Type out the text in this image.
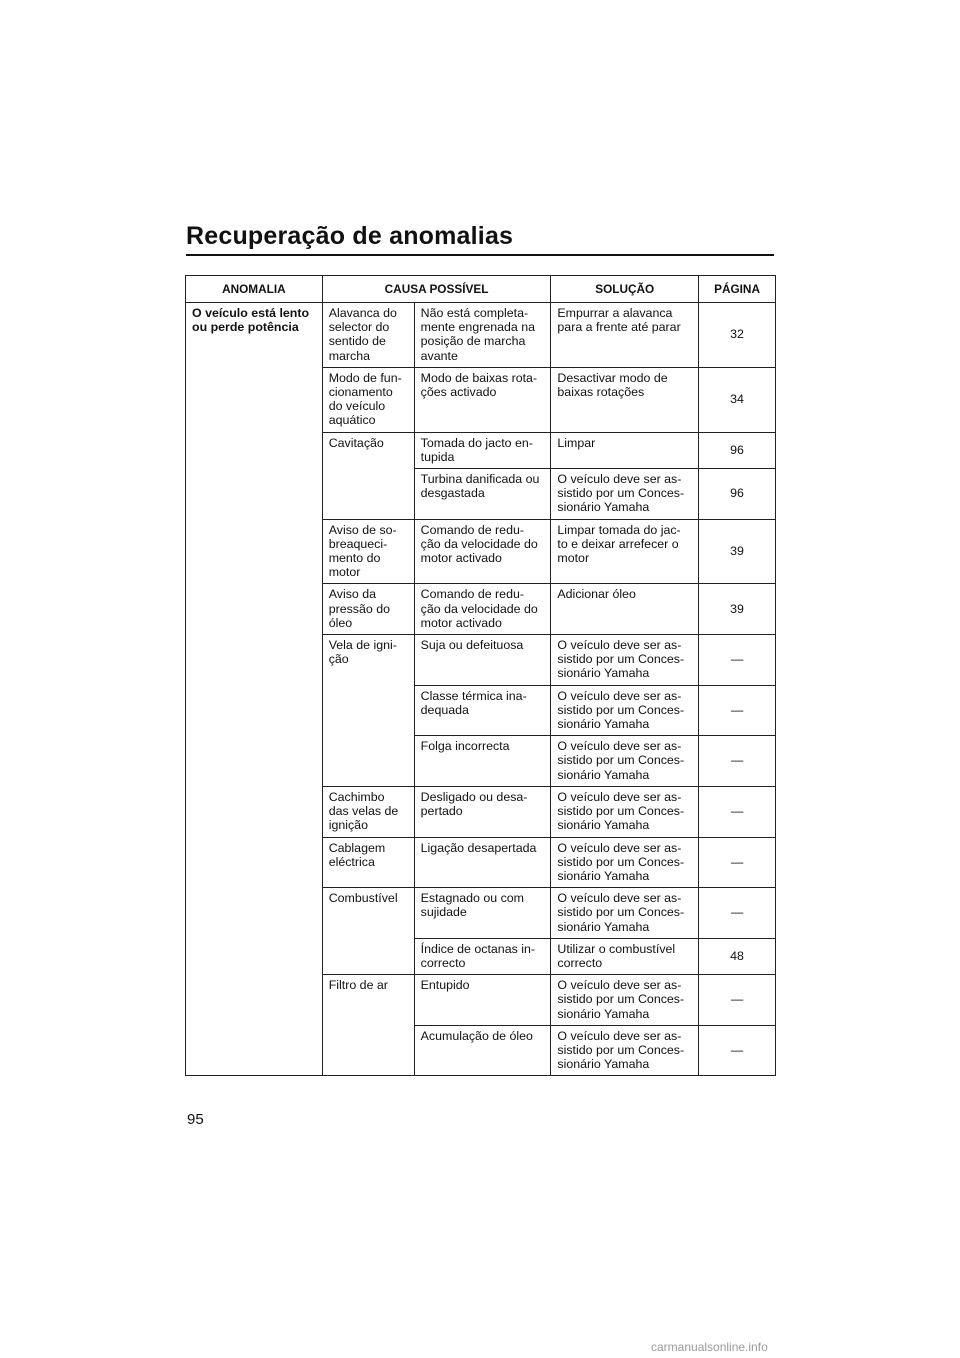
Recuperação de anomalias
ANOMALIA	CAUSA POSSÍVEL		SOLUÇÃO	PÁGINA

O veículo está lento
ou perde potência	Alavanca do
selector do
sentido de
marcha	Não está completa-
mente engrenada na
posição de marcha
avante	Empurrar a alavanca
para a frente até parar	32

	Modo de fun-
cionamento
do veículo
aquático	Modo de baixas rota-
ções activado	Desactivar modo de
baixas rotações	34

	Cavitação	Tomada do jacto en-
tupida	Limpar	96

		Turbina danificada ou
desgastada	O veículo deve ser as-
sistido por um Conces-
sionário Yamaha	96

	Aviso de so-
breaqueci-
mento do
motor	Comando de redu-
ção da velocidade do
motor activado	Limpar tomada do jac-
to e deixar arrefecer o
motor	39

	Aviso da
pressão do
óleo	Comando de redu-
ção da velocidade do
motor activado	Adicionar óleo	39

	Vela de igni-
ção	Suja ou defeituosa	O veículo deve ser as-
sistido por um Conces-
sionário Yamaha	—

		Classe térmica ina-
dequada	O veículo deve ser as-
sistido por um Conces-
sionário Yamaha	—

		Folga incorrecta	O veículo deve ser as-
sistido por um Conces-
sionário Yamaha	—

	Cachimbo
das velas de
ignição	Desligado ou desa-
pertado	O veículo deve ser as-
sistido por um Conces-
sionário Yamaha	—

	Cablagem
eléctrica	Ligação desapertada	O veículo deve ser as-
sistido por um Conces-
sionário Yamaha	—

	Combustível	Estagnado ou com
sujidade	O veículo deve ser as-
sistido por um Conces-
sionário Yamaha	—

		Índice de octanas in-
correcto	Utilizar o combustível
correcto	48

	Filtro de ar	Entupido	O veículo deve ser as-
sistido por um Conces-
sionário Yamaha	—

		Acumulação de óleo	O veículo deve ser as-
sistido por um Conces-
sionário Yamaha	—
95
carmanualsonline.info
